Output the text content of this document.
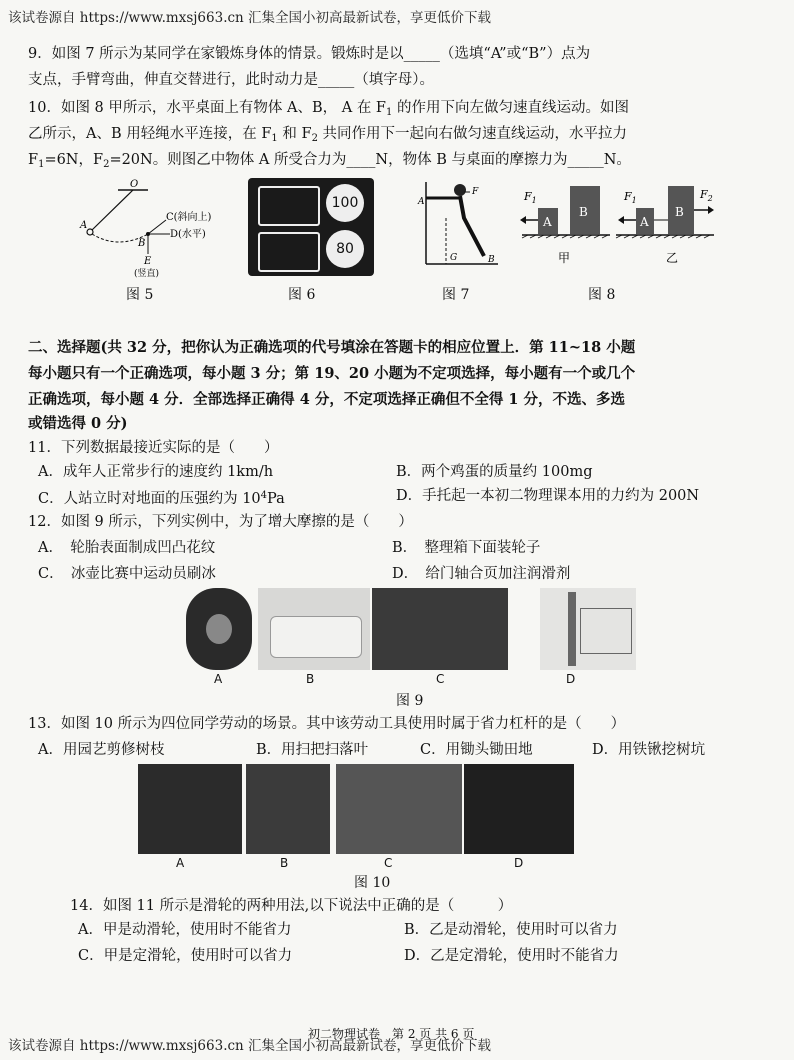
该试卷源自 https://www.mxsj663.cn 汇集全国小初高最新试卷，享更低价下载
9．如图 7 所示为某同学在家锻炼身体的情景。锻炼时是以_____（选填“A”或“B”）点为
支点，手臂弯曲，伸直交替进行，此时动力是_____（填字母）。
10．如图 8 甲所示，水平桌面上有物体 A、B， A 在 $F_1$ 的作用下向左做匀速直线运动。如图
乙所示，A、B 用轻绳水平连接，在 $F_1$ 和 $F_2$ 共同作用下一起向右做匀速直线运动，水平拉力
$F_1=6N$，$F_2=20N$。则图乙中物体 A 所受合力为____N，物体 B 与桌面的摩擦力为_____N。
O
A
B
C(斜向上)
D(水平)
E
(竖直)
图 5
100
80
图 6
A
F
G	B
图 7
A
B
$F_1$
甲
A
B
$F_1$	$F_2$
乙
图 8
二、选择题(共 32 分，把你认为正确选项的代号填涂在答题卡的相应位置上．第 11~18 小题
每小题只有一个正确选项，每小题 3 分；第 19、20 小题为不定项选择，每小题有一个或几个
正确选项，每小题 4 分．全部选择正确得 4 分，不定项选择正确但不全得 1 分，不选、多选
或错选得 0 分)
11．下列数据最接近实际的是（　　）
A．成年人正常步行的速度约 1km/h	B．两个鸡蛋的质量约 100mg
C．人站立时对地面的压强约为 $10^4Pa$	D．手托起一本初二物理课本用的力约为 200N
12．如图 9 所示，下列实例中，为了增大摩擦的是（　　）
A．　轮胎表面制成凹凸花纹	B．　整理箱下面装轮子
C．　冰壶比赛中运动员刷冰	D．　给门轴合页加注润滑剂
A	B	C	D
图 9
13．如图 10 所示为四位同学劳动的场景。其中该劳动工具使用时属于省力杠杆的是（　　）
A．用园艺剪修树枝	B．用扫把扫落叶	C．用锄头锄田地	D．用铁锹挖树坑
A	B	C	D
图 10
14．如图 11 所示是滑轮的两种用法,以下说法中正确的是（　　　）
A．甲是动滑轮，使用时不能省力	B．乙是动滑轮，使用时可以省力
C．甲是定滑轮，使用时可以省力	D．乙是定滑轮，使用时不能省力
初二物理试卷　第 2 页 共 6 页
该试卷源自 https://www.mxsj663.cn 汇集全国小初高最新试卷，享更低价下载
